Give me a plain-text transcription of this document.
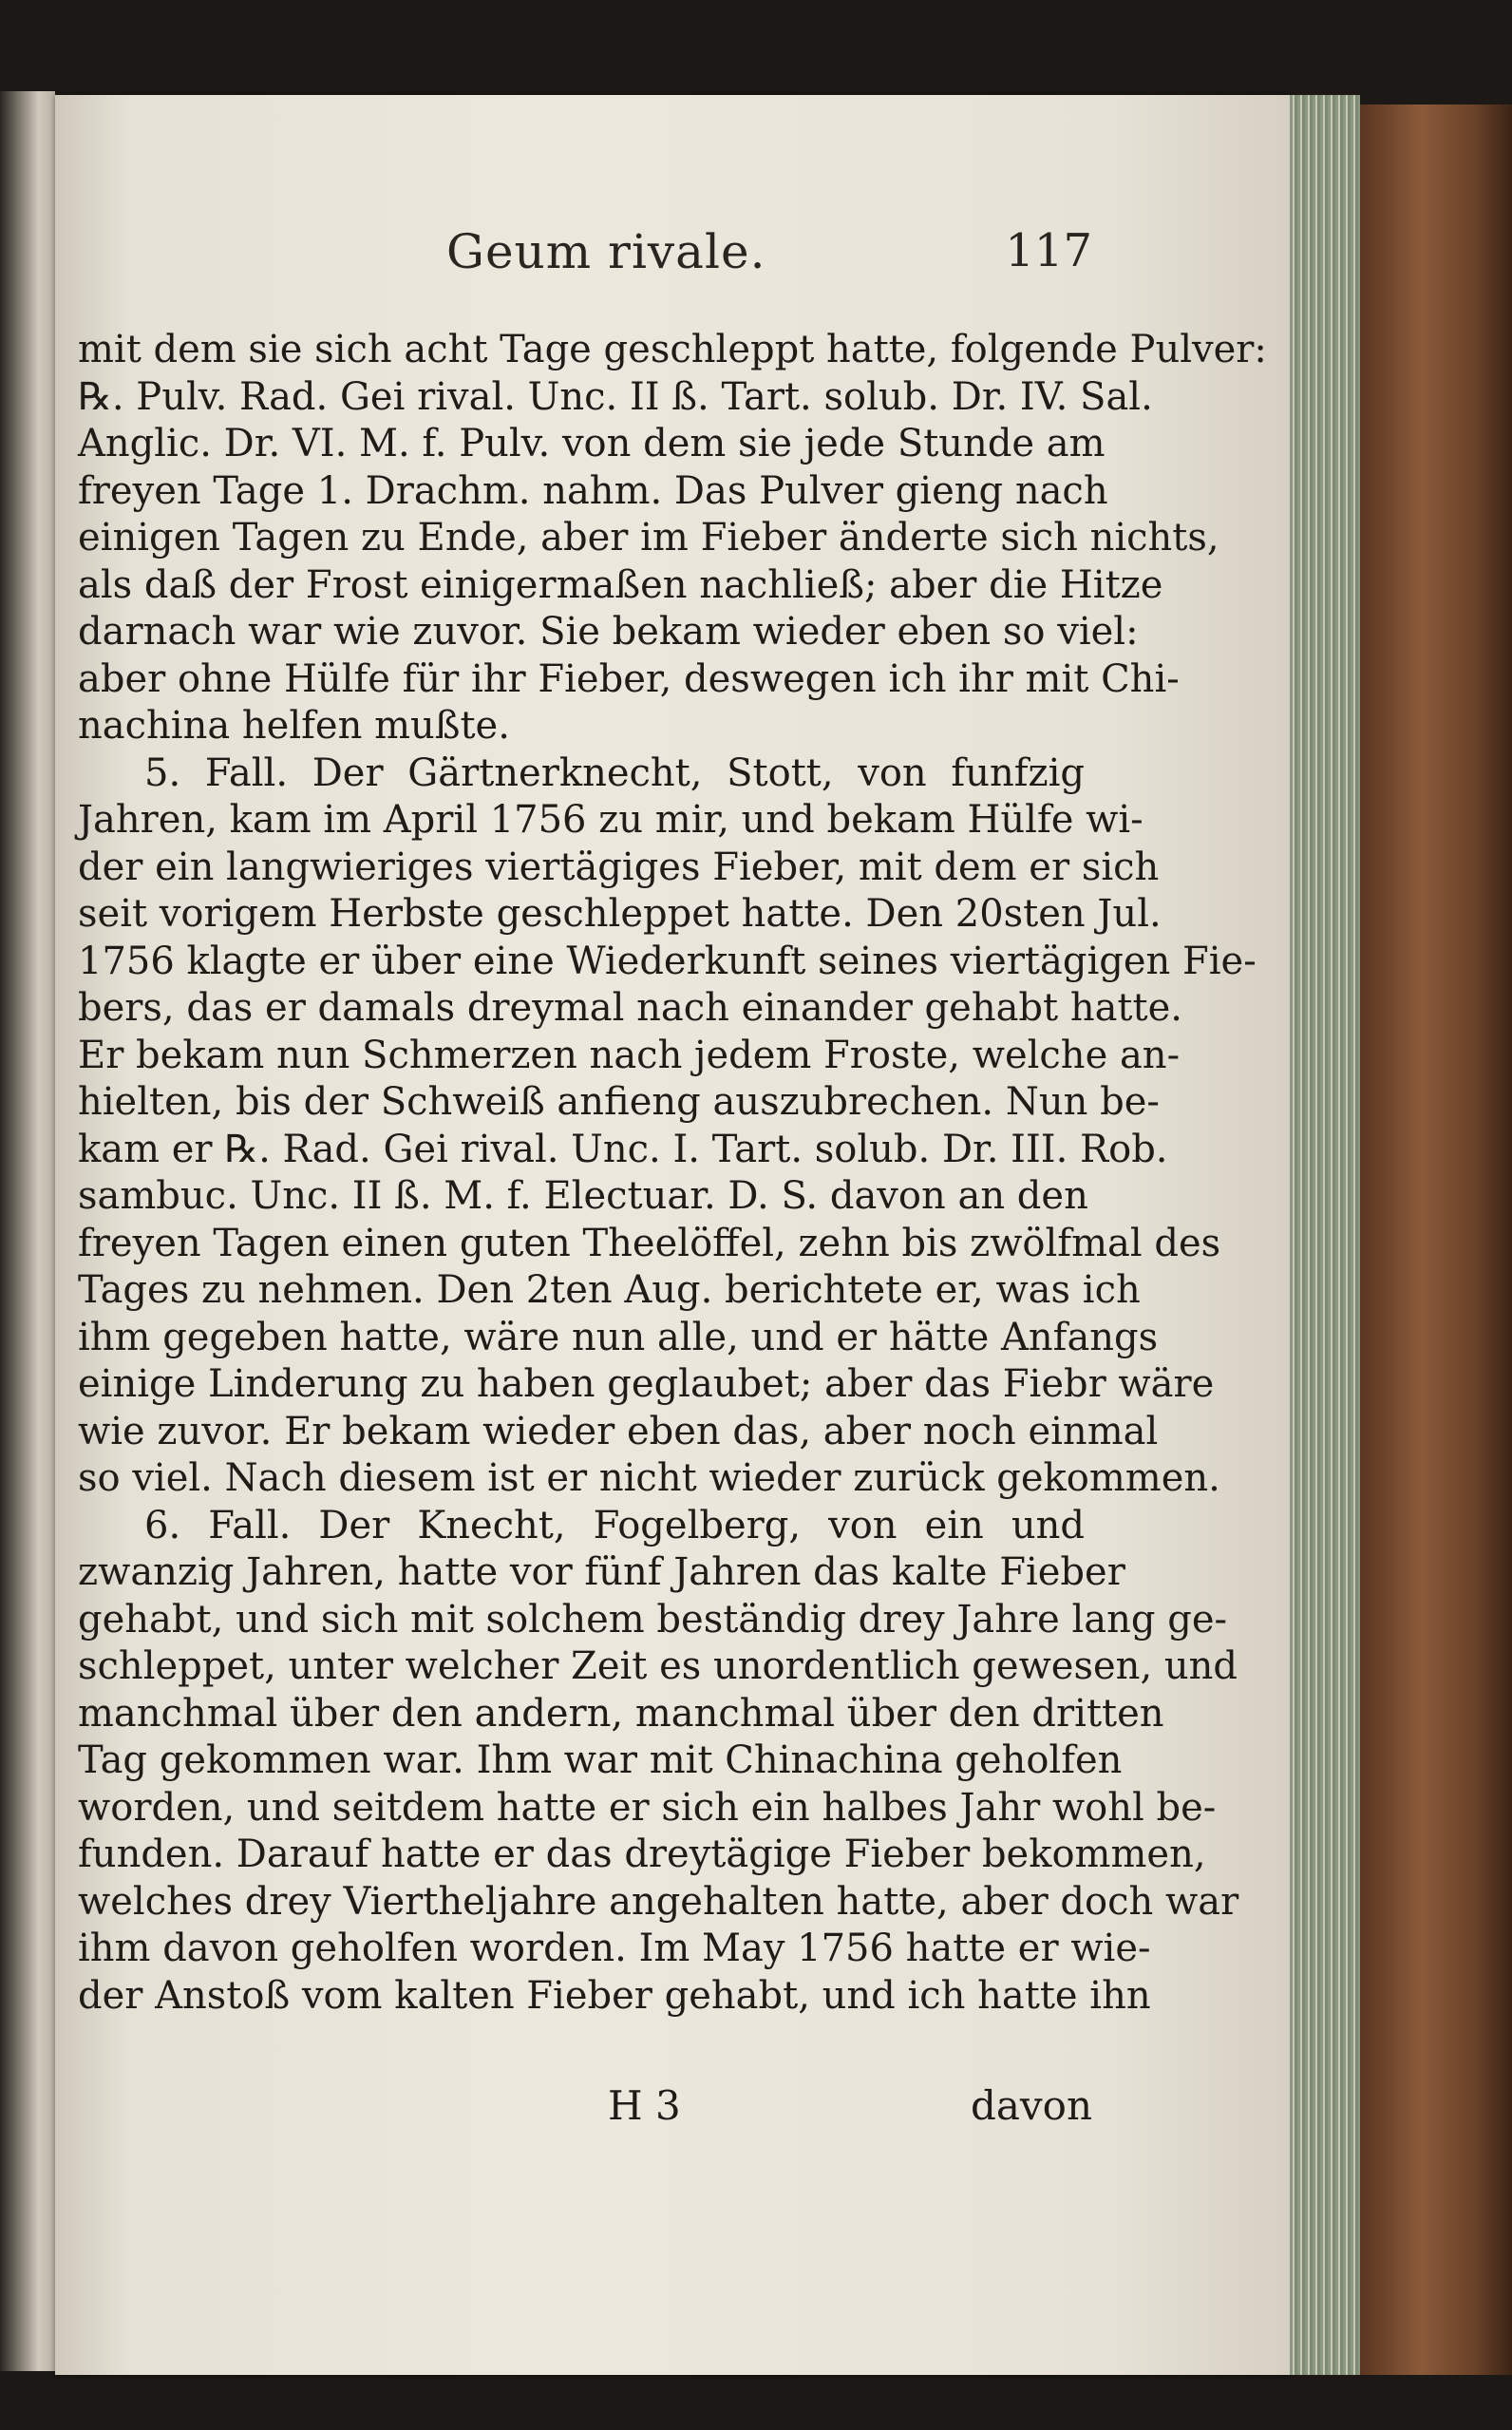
Geum rivale.	117
mit dem sie sich acht Tage geschleppt hatte, folgende Pulver:
℞. Pulv. Rad. Gei rival. Unc. II ß. Tart. solub. Dr. IV. Sal.
Anglic. Dr. VI. M. f. Pulv. von dem sie jede Stunde am
freyen Tage 1. Drachm. nahm. Das Pulver gieng nach
einigen Tagen zu Ende, aber im Fieber änderte sich nichts,
als daß der Frost einigermaßen nachließ; aber die Hitze
darnach war wie zuvor. Sie bekam wieder eben so viel:
aber ohne Hülfe für ihr Fieber, deswegen ich ihr mit Chi-
nachina helfen mußte.
5. Fall. Der Gärtnerknecht, Stott, von funfzig
Jahren, kam im April 1756 zu mir, und bekam Hülfe wi-
der ein langwieriges viertägiges Fieber, mit dem er sich
seit vorigem Herbste geschleppet hatte. Den 20sten Jul.
1756 klagte er über eine Wiederkunft seines viertägigen Fie-
bers, das er damals dreymal nach einander gehabt hatte.
Er bekam nun Schmerzen nach jedem Froste, welche an-
hielten, bis der Schweiß anfieng auszubrechen. Nun be-
kam er ℞. Rad. Gei rival. Unc. I. Tart. solub. Dr. III. Rob.
sambuc. Unc. II ß. M. f. Electuar. D. S. davon an den
freyen Tagen einen guten Theelöffel, zehn bis zwölfmal des
Tages zu nehmen. Den 2ten Aug. berichtete er, was ich
ihm gegeben hatte, wäre nun alle, und er hätte Anfangs
einige Linderung zu haben geglaubet; aber das Fiebr wäre
wie zuvor. Er bekam wieder eben das, aber noch einmal
so viel. Nach diesem ist er nicht wieder zurück gekommen.
6. Fall. Der Knecht, Fogelberg, von ein und
zwanzig Jahren, hatte vor fünf Jahren das kalte Fieber
gehabt, und sich mit solchem beständig drey Jahre lang ge-
schleppet, unter welcher Zeit es unordentlich gewesen, und
manchmal über den andern, manchmal über den dritten
Tag gekommen war. Ihm war mit Chinachina geholfen
worden, und seitdem hatte er sich ein halbes Jahr wohl be-
funden. Darauf hatte er das dreytägige Fieber bekommen,
welches drey Viertheljahre angehalten hatte, aber doch war
ihm davon geholfen worden. Im May 1756 hatte er wie-
der Anstoß vom kalten Fieber gehabt, und ich hatte ihn
H 3	davon
